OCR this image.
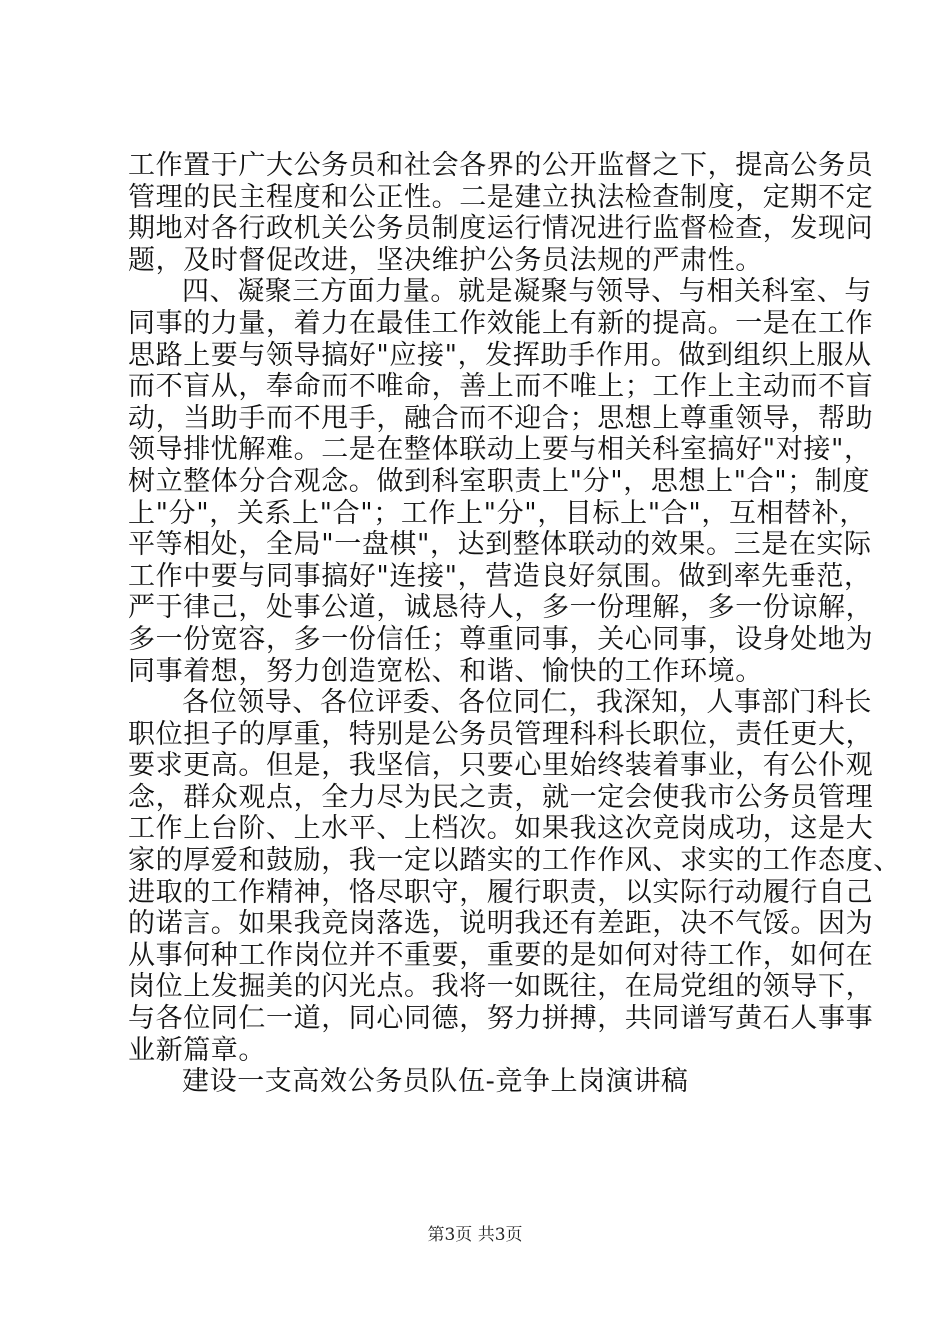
工作置于广大公务员和社会各界的公开监督之下，提高公务员
管理的民主程度和公正性。二是建立执法检查制度，定期不定
期地对各行政机关公务员制度运行情况进行监督检查，发现问
题，及时督促改进，坚决维护公务员法规的严肃性。
四、凝聚三方面力量。就是凝聚与领导、与相关科室、与
同事的力量，着力在最佳工作效能上有新的提高。一是在工作
思路上要与领导搞好"应接"，发挥助手作用。做到组织上服从
而不盲从，奉命而不唯命，善上而不唯上；工作上主动而不盲
动，当助手而不甩手，融合而不迎合；思想上尊重领导，帮助
领导排忧解难。二是在整体联动上要与相关科室搞好"对接"，
树立整体分合观念。做到科室职责上"分"，思想上"合"；制度
上"分"，关系上"合"；工作上"分"，目标上"合"，互相替补，
平等相处，全局"一盘棋"，达到整体联动的效果。三是在实际
工作中要与同事搞好"连接"，营造良好氛围。做到率先垂范，
严于律己，处事公道，诚恳待人，多一份理解，多一份谅解，
多一份宽容，多一份信任；尊重同事，关心同事，设身处地为
同事着想，努力创造宽松、和谐、愉快的工作环境。
各位领导、各位评委、各位同仁，我深知，人事部门科长
职位担子的厚重，特别是公务员管理科科长职位，责任更大，
要求更高。但是，我坚信，只要心里始终装着事业，有公仆观
念，群众观点，全力尽为民之责，就一定会使我市公务员管理
工作上台阶、上水平、上档次。如果我这次竞岗成功，这是大
家的厚爱和鼓励，我一定以踏实的工作作风、求实的工作态度、
进取的工作精神，恪尽职守，履行职责，以实际行动履行自己
的诺言。如果我竞岗落选，说明我还有差距，决不气馁。因为
从事何种工作岗位并不重要，重要的是如何对待工作，如何在
岗位上发掘美的闪光点。我将一如既往，在局党组的领导下，
与各位同仁一道，同心同德，努力拼搏，共同谱写黄石人事事
业新篇章。
建设一支高效公务员队伍-竞争上岗演讲稿
第3页 共3页
